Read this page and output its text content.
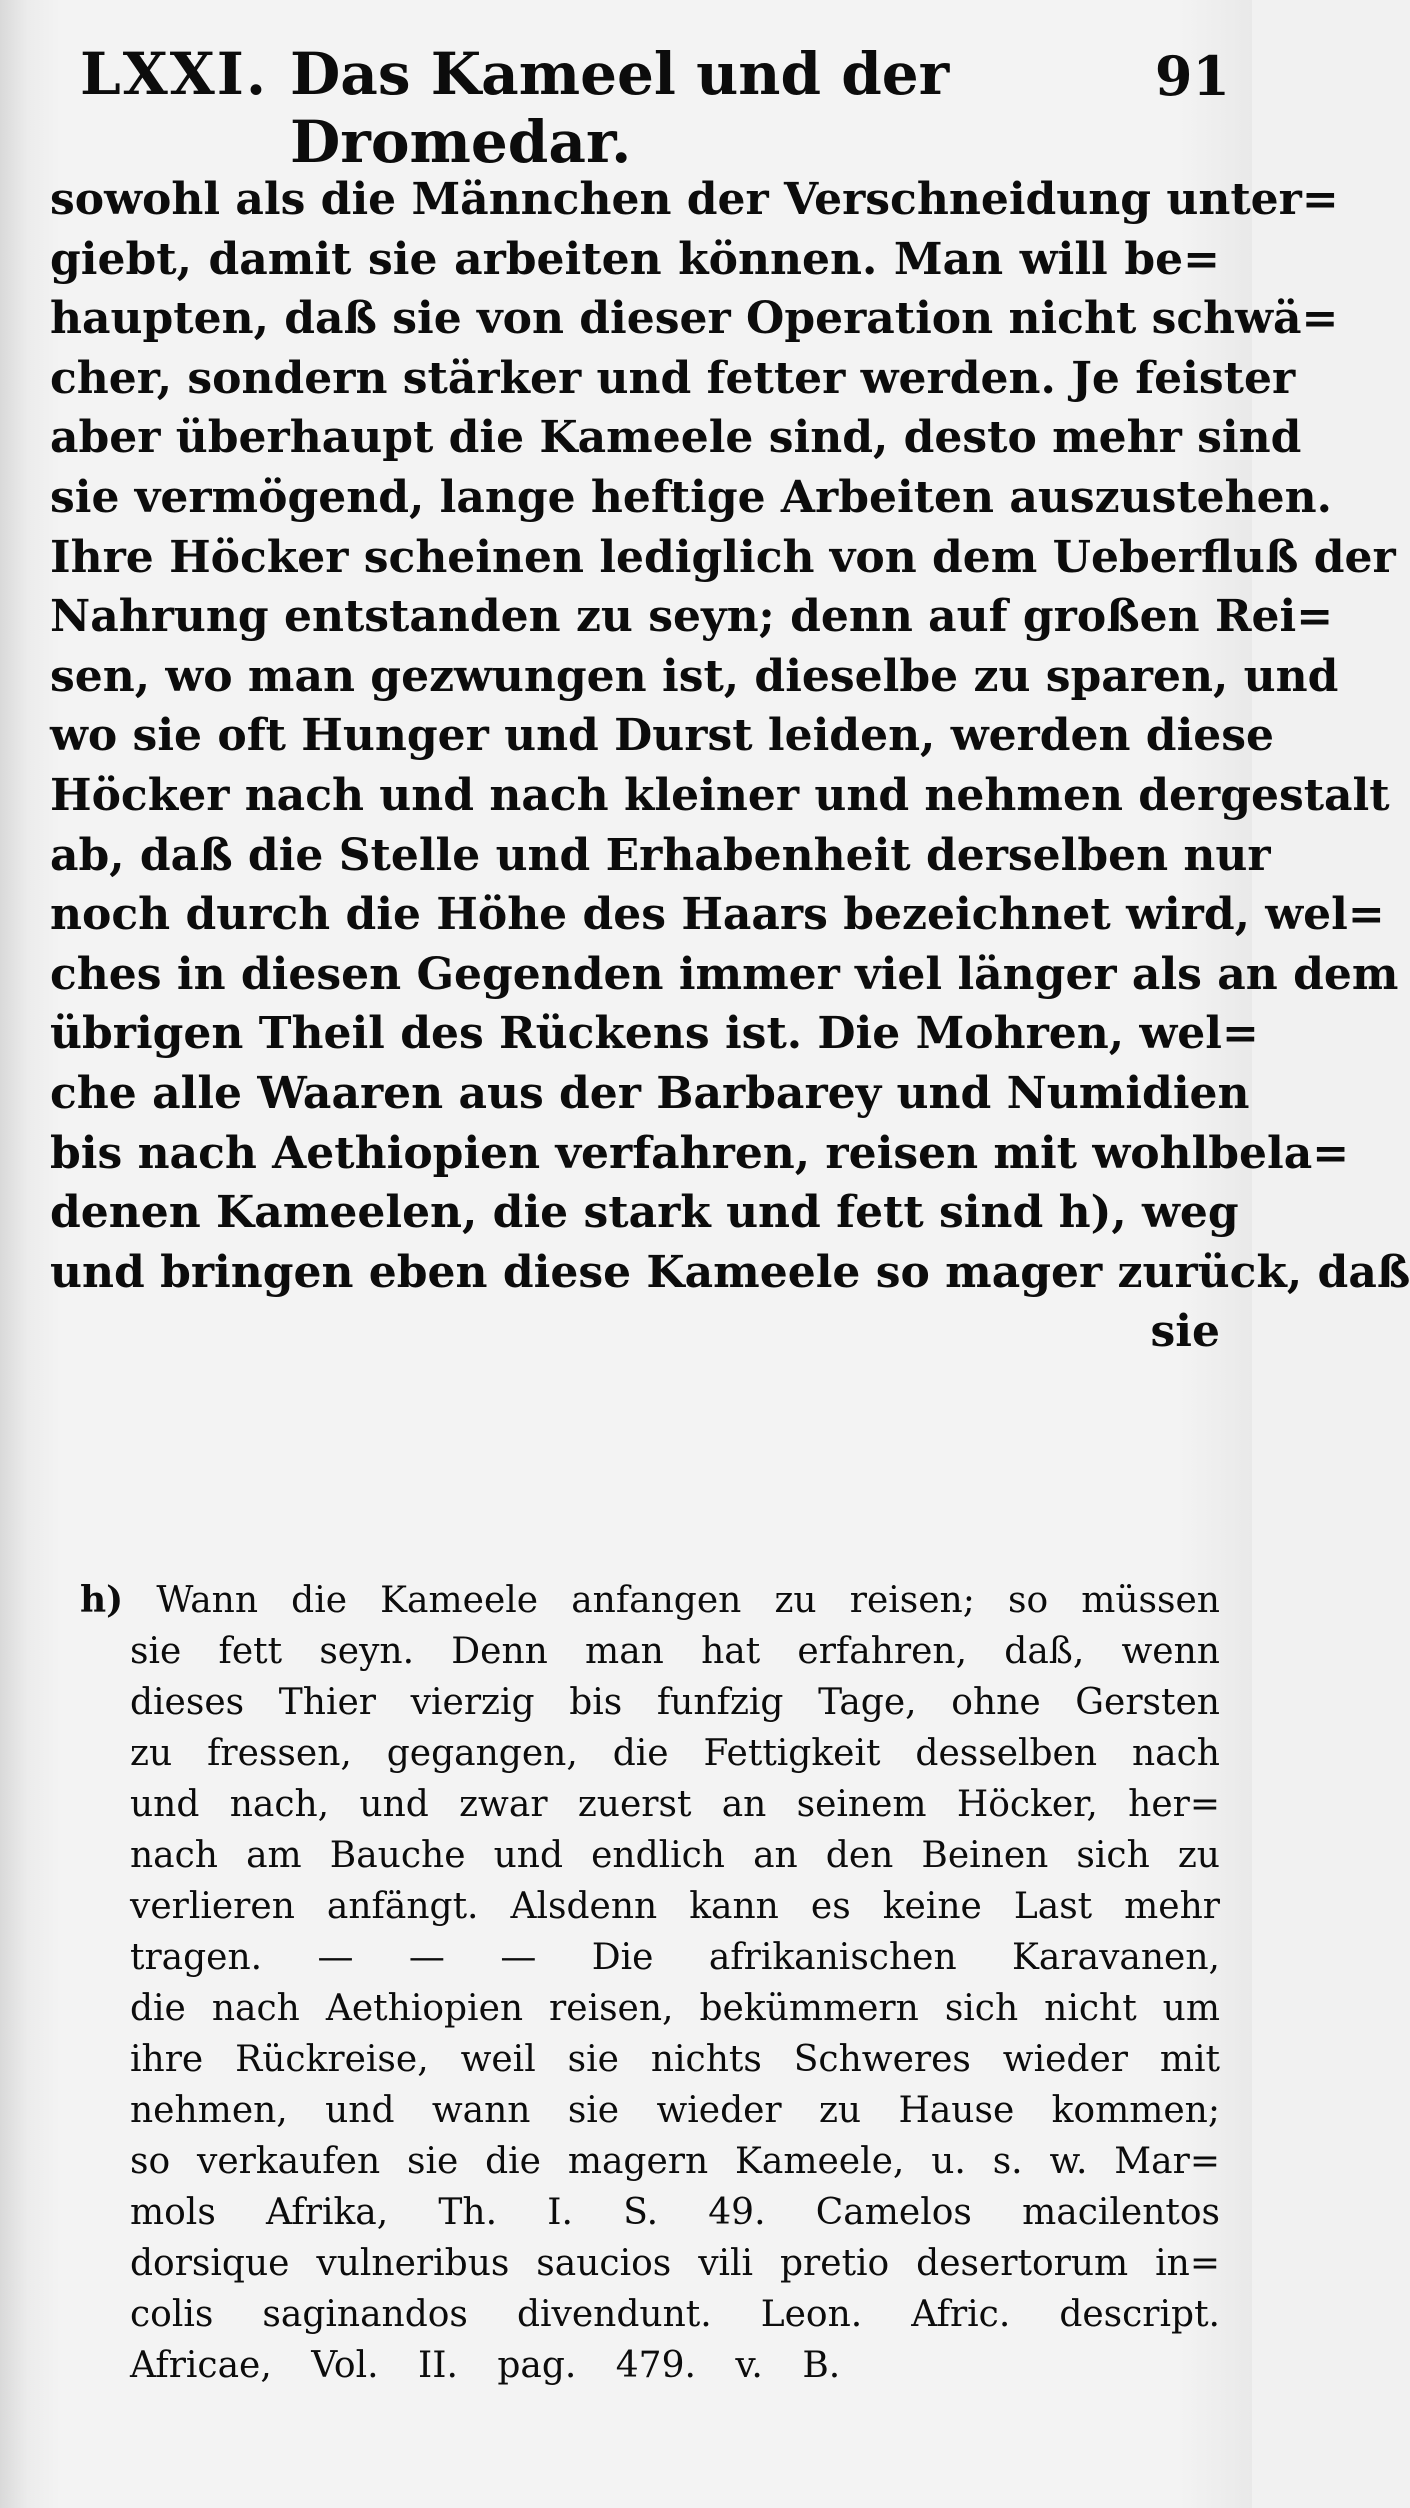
LXXI. Das Kameel und der Dromedar.
91
sowohl als die Männchen der Verschneidung unter=
giebt, damit sie arbeiten können. Man will be=
haupten, daß sie von dieser Operation nicht schwä=
cher, sondern stärker und fetter werden. Je feister
aber überhaupt die Kameele sind, desto mehr sind
sie vermögend, lange heftige Arbeiten auszustehen.
Ihre Höcker scheinen lediglich von dem Ueberfluß der
Nahrung entstanden zu seyn; denn auf großen Rei=
sen, wo man gezwungen ist, dieselbe zu sparen, und
wo sie oft Hunger und Durst leiden, werden diese
Höcker nach und nach kleiner und nehmen dergestalt
ab, daß die Stelle und Erhabenheit derselben nur
noch durch die Höhe des Haars bezeichnet wird, wel=
ches in diesen Gegenden immer viel länger als an dem
übrigen Theil des Rückens ist. Die Mohren, wel=
che alle Waaren aus der Barbarey und Numidien
bis nach Aethiopien verfahren, reisen mit wohlbela=
denen Kameelen, die stark und fett sind h), weg
und bringen eben diese Kameele so mager zurück, daß
sie
h) Wann die Kameele anfangen zu reisen; so müssen
sie fett seyn. Denn man hat erfahren, daß, wenn
dieses Thier vierzig bis funfzig Tage, ohne Gersten
zu fressen, gegangen, die Fettigkeit desselben nach
und nach, und zwar zuerst an seinem Höcker, her=
nach am Bauche und endlich an den Beinen sich zu
verlieren anfängt. Alsdenn kann es keine Last mehr
tragen. — — — Die afrikanischen Karavanen,
die nach Aethiopien reisen, bekümmern sich nicht um
ihre Rückreise, weil sie nichts Schweres wieder mit
nehmen, und wann sie wieder zu Hause kommen;
so verkaufen sie die magern Kameele, u. s. w. Mar=
mols Afrika, Th. I. S. 49. Camelos macilentos
dorsique vulneribus saucios vili pretio desertorum in=
colis saginandos divendunt. Leon. Afric. descript.
Africae, Vol. II. pag. 479. v. B.
